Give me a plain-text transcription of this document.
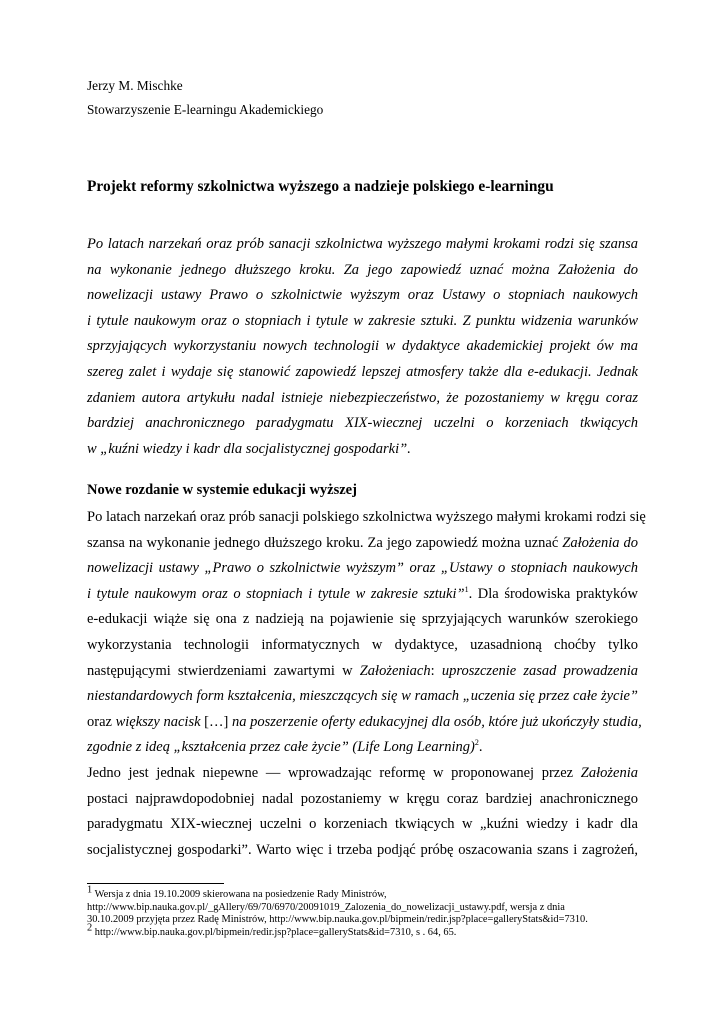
Jerzy M. Mischke
Stowarzyszenie E-learningu Akademickiego
Projekt reformy szkolnictwa wyższego a nadzieje polskiego e-learningu
Po latach narzekań oraz prób sanacji szkolnictwa wyższego małymi krokami rodzi się szansa
na wykonanie jednego dłuższego kroku. Za jego zapowiedź uznać można Założenia do
nowelizacji ustawy Prawo o szkolnictwie wyższym oraz Ustawy o stopniach naukowych
i tytule naukowym oraz o stopniach i tytule w zakresie sztuki. Z punktu widzenia warunków
sprzyjających wykorzystaniu nowych technologii w dydaktyce akademickiej projekt ów ma
szereg zalet i wydaje się stanowić zapowiedź lepszej atmosfery także dla e-edukacji. Jednak
zdaniem autora artykułu nadal istnieje niebezpieczeństwo, że pozostaniemy w kręgu coraz
bardziej anachronicznego paradygmatu XIX-wiecznej uczelni o korzeniach tkwiących
w „kuźni wiedzy i kadr dla socjalistycznej gospodarki”.
Nowe rozdanie w systemie edukacji wyższej
Po latach narzekań oraz prób sanacji polskiego szkolnictwa wyższego małymi krokami rodzi się
szansa na wykonanie jednego dłuższego kroku. Za jego zapowiedź można uznać Założenia do
nowelizacji ustawy „Prawo o szkolnictwie wyższym” oraz „Ustawy o stopniach naukowych
i tytule naukowym oraz o stopniach i tytule w zakresie sztuki”$^1$. Dla środowiska praktyków
e-edukacji wiąże się ona z nadzieją na pojawienie się sprzyjających warunków szerokiego
wykorzystania technologii informatycznych w dydaktyce, uzasadnioną choćby tylko
następującymi stwierdzeniami zawartymi w Założeniach: uproszczenie zasad prowadzenia
niestandardowych form kształcenia, mieszczących się w ramach „uczenia się przez całe życie”
oraz większy nacisk […] na poszerzenie oferty edukacyjnej dla osób, które już ukończyły studia,
zgodnie z ideą „kształcenia przez całe życie” (Life Long Learning)$^2$.
Jedno jest jednak niepewne ― wprowadzając reformę w proponowanej przez Założenia
postaci najprawdopodobniej nadal pozostaniemy w kręgu coraz bardziej anachronicznego
paradygmatu XIX-wiecznej uczelni o korzeniach tkwiących w „kuźni wiedzy i kadr dla
socjalistycznej gospodarki”. Warto więc i trzeba podjąć próbę oszacowania szans i zagrożeń,
1 Wersja z dnia 19.10.2009 skierowana na posiedzenie Rady Ministrów,
http://www.bip.nauka.gov.pl/_gAllery/69/70/6970/20091019_Zalozenia_do_nowelizacji_ustawy.pdf, wersja z dnia
30.10.2009 przyjęta przez Radę Ministrów, http://www.bip.nauka.gov.pl/bipmein/redir.jsp?place=galleryStats&id=7310.
2 http://www.bip.nauka.gov.pl/bipmein/redir.jsp?place=galleryStats&id=7310, s . 64, 65.
